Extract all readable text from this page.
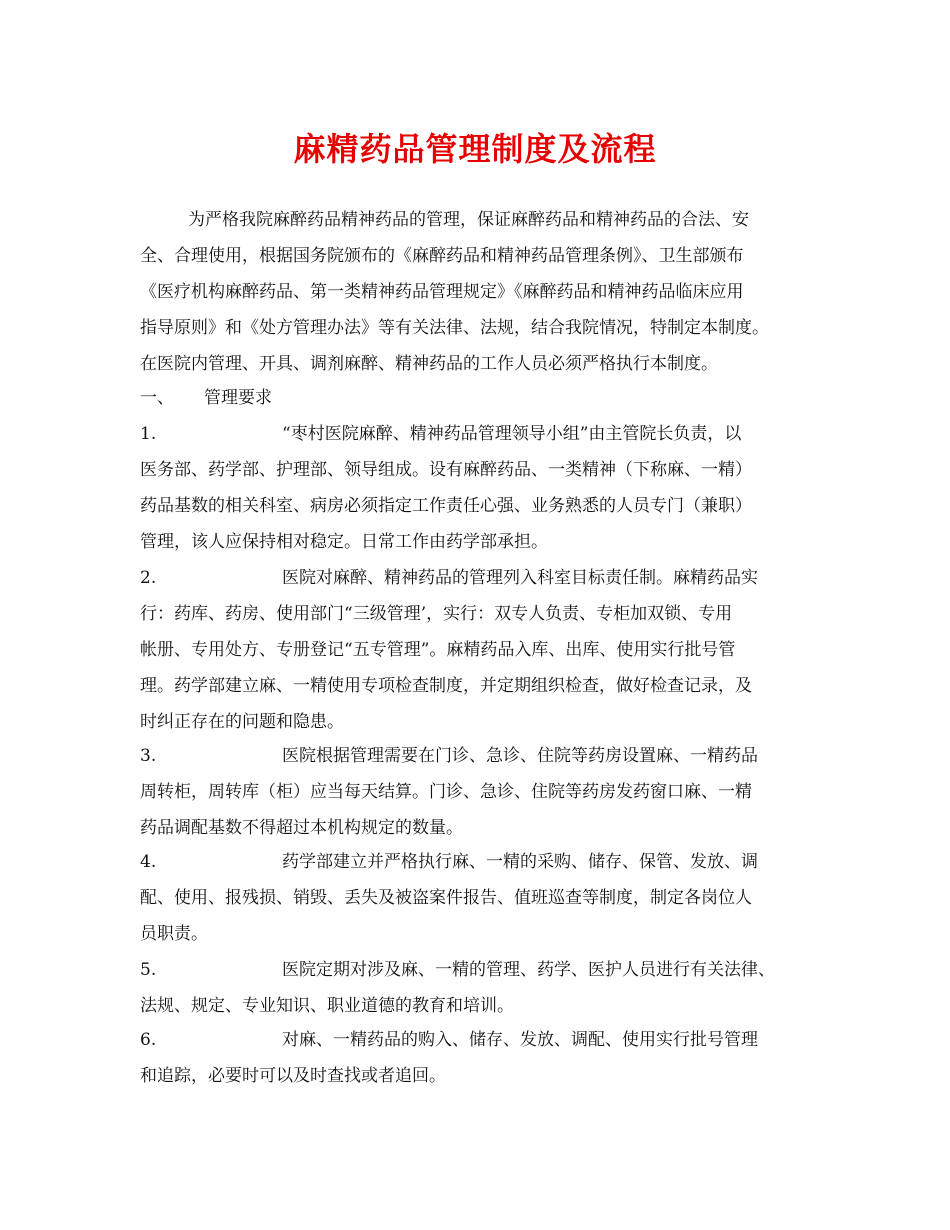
麻精药品管理制度及流程
为严格我院麻醉药品精神药品的管理，保证麻醉药品和精神药品的合法、安
全、合理使用，根据国务院颁布的《麻醉药品和精神药品管理条例》、卫生部颁布
《医疗机构麻醉药品、第一类精神药品管理规定》《麻醉药品和精神药品临床应用
指导原则》和《处方管理办法》等有关法律、法规，结合我院情况，特制定本制度。
在医院内管理、开具、调剂麻醉、精神药品的工作人员必须严格执行本制度。
一、 管理要求
1.	“枣村医院麻醉、精神药品管理领导小组”由主管院长负责，以
医务部、药学部、护理部、领导组成。设有麻醉药品、一类精神（下称麻、一精）
药品基数的相关科室、病房必须指定工作责任心强、业务熟悉的人员专门（兼职）
管理，该人应保持相对稳定。日常工作由药学部承担。
2.	医院对麻醉、精神药品的管理列入科室目标责任制。麻精药品实
行：药库、药房、使用部门“三级管理’，实行：双专人负责、专柜加双锁、专用
帐册、专用处方、专册登记“五专管理”。麻精药品入库、出库、使用实行批号管
理。药学部建立麻、一精使用专项检查制度，并定期组织检查，做好检查记录，及
时纠正存在的问题和隐患。
3.	医院根据管理需要在门诊、急诊、住院等药房设置麻、一精药品
周转柜，周转库（柜）应当每天结算。门诊、急诊、住院等药房发药窗口麻、一精
药品调配基数不得超过本机构规定的数量。
4.	药学部建立并严格执行麻、一精的采购、储存、保管、发放、调
配、使用、报残损、销毁、丢失及被盗案件报告、值班巡查等制度，制定各岗位人
员职责。
5.	医院定期对涉及麻、一精的管理、药学、医护人员进行有关法律、
法规、规定、专业知识、职业道德的教育和培训。
6.	对麻、一精药品的购入、储存、发放、调配、使用实行批号管理
和追踪，必要时可以及时查找或者追回。
